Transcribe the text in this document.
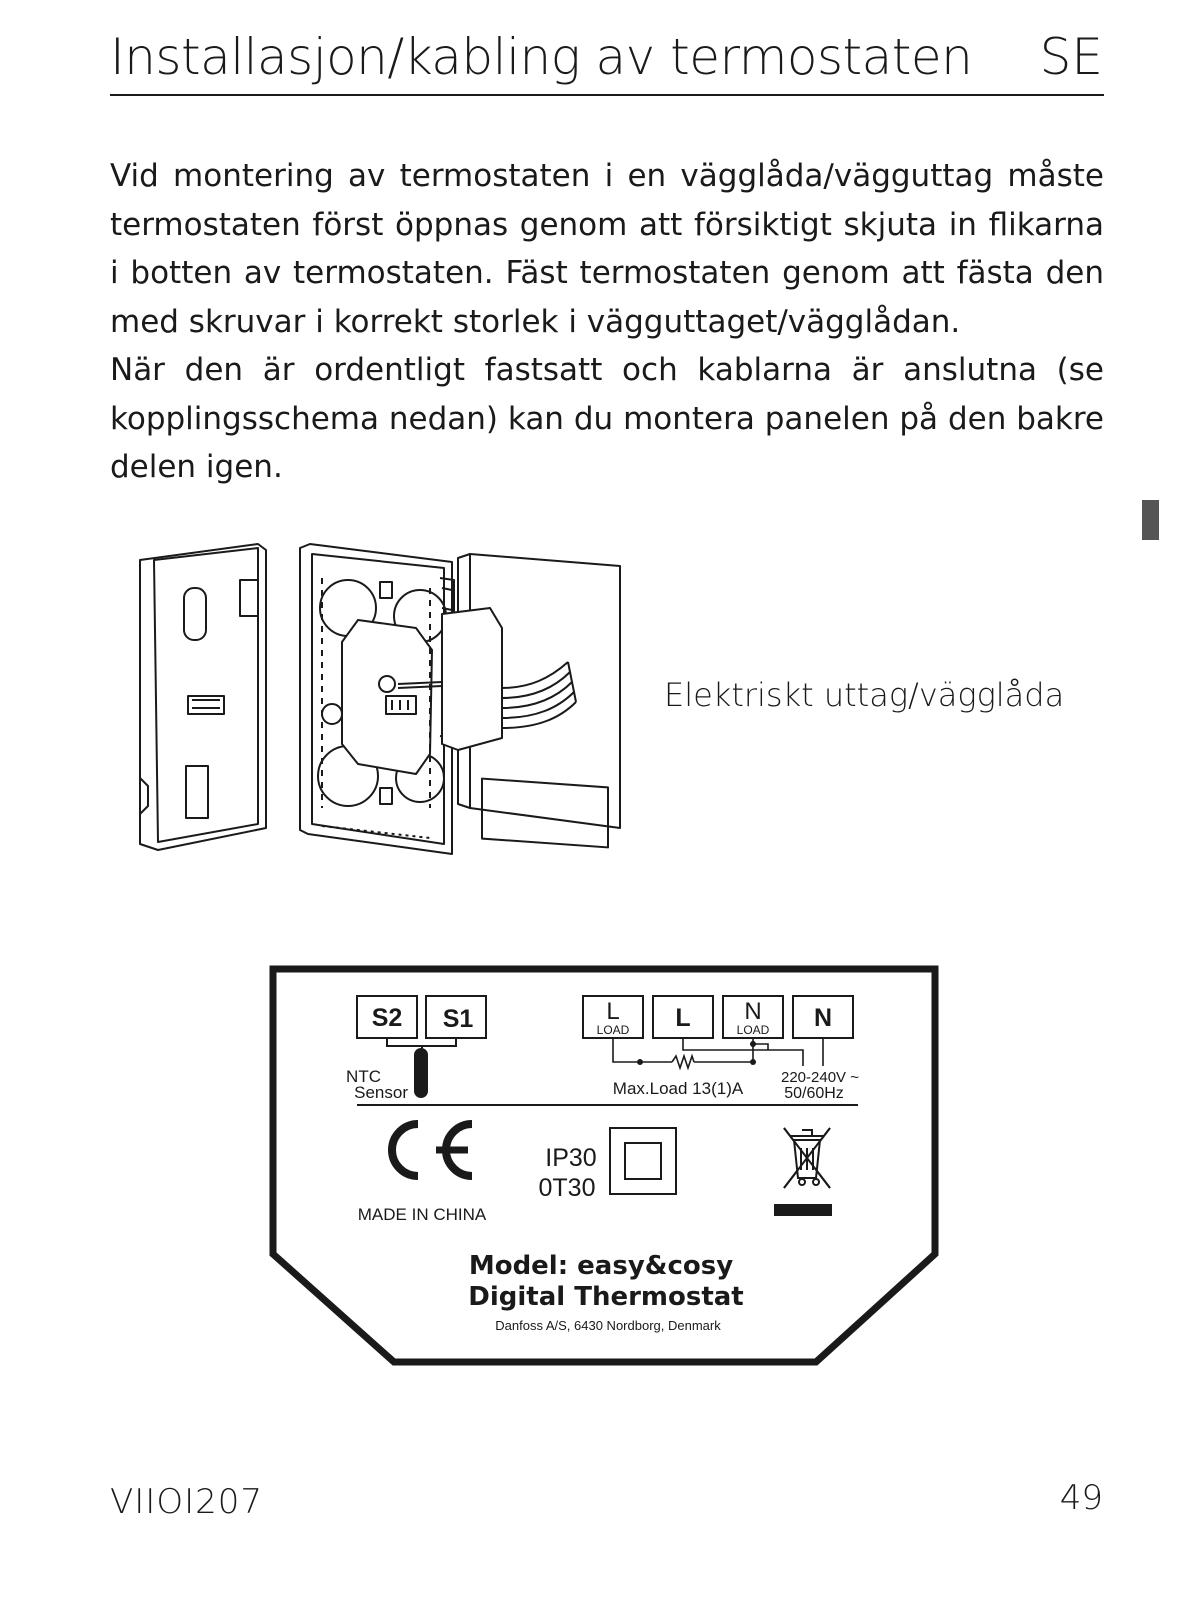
Installasjon/kabling av termostaten SE

Vid montering av termostaten i en vägglåda/vägguttag måste termostaten först öppnas genom att försiktigt skjuta in flikarna i botten av termostaten. Fäst termostaten genom att fästa den med skruvar i korrekt storlek i vägguttaget/vägglådan.

När den är ordentligt fastsatt och kablarna är anslutna (se kopplingsschema nedan) kan du montera panelen på den bakre delen igen.

Elektriskt uttag/vägglåda
S2 S1
NTC
Sensor
L
LOAD L N
LOAD N
Max.Load 13(1)A
220-240V ~
50/60Hz
MADE IN CHINA
IP30
0T30
Model: easy&cosy
Digital Thermostat
Danfoss A/S, 6430 Nordborg, Denmark
VIIOI207	49
